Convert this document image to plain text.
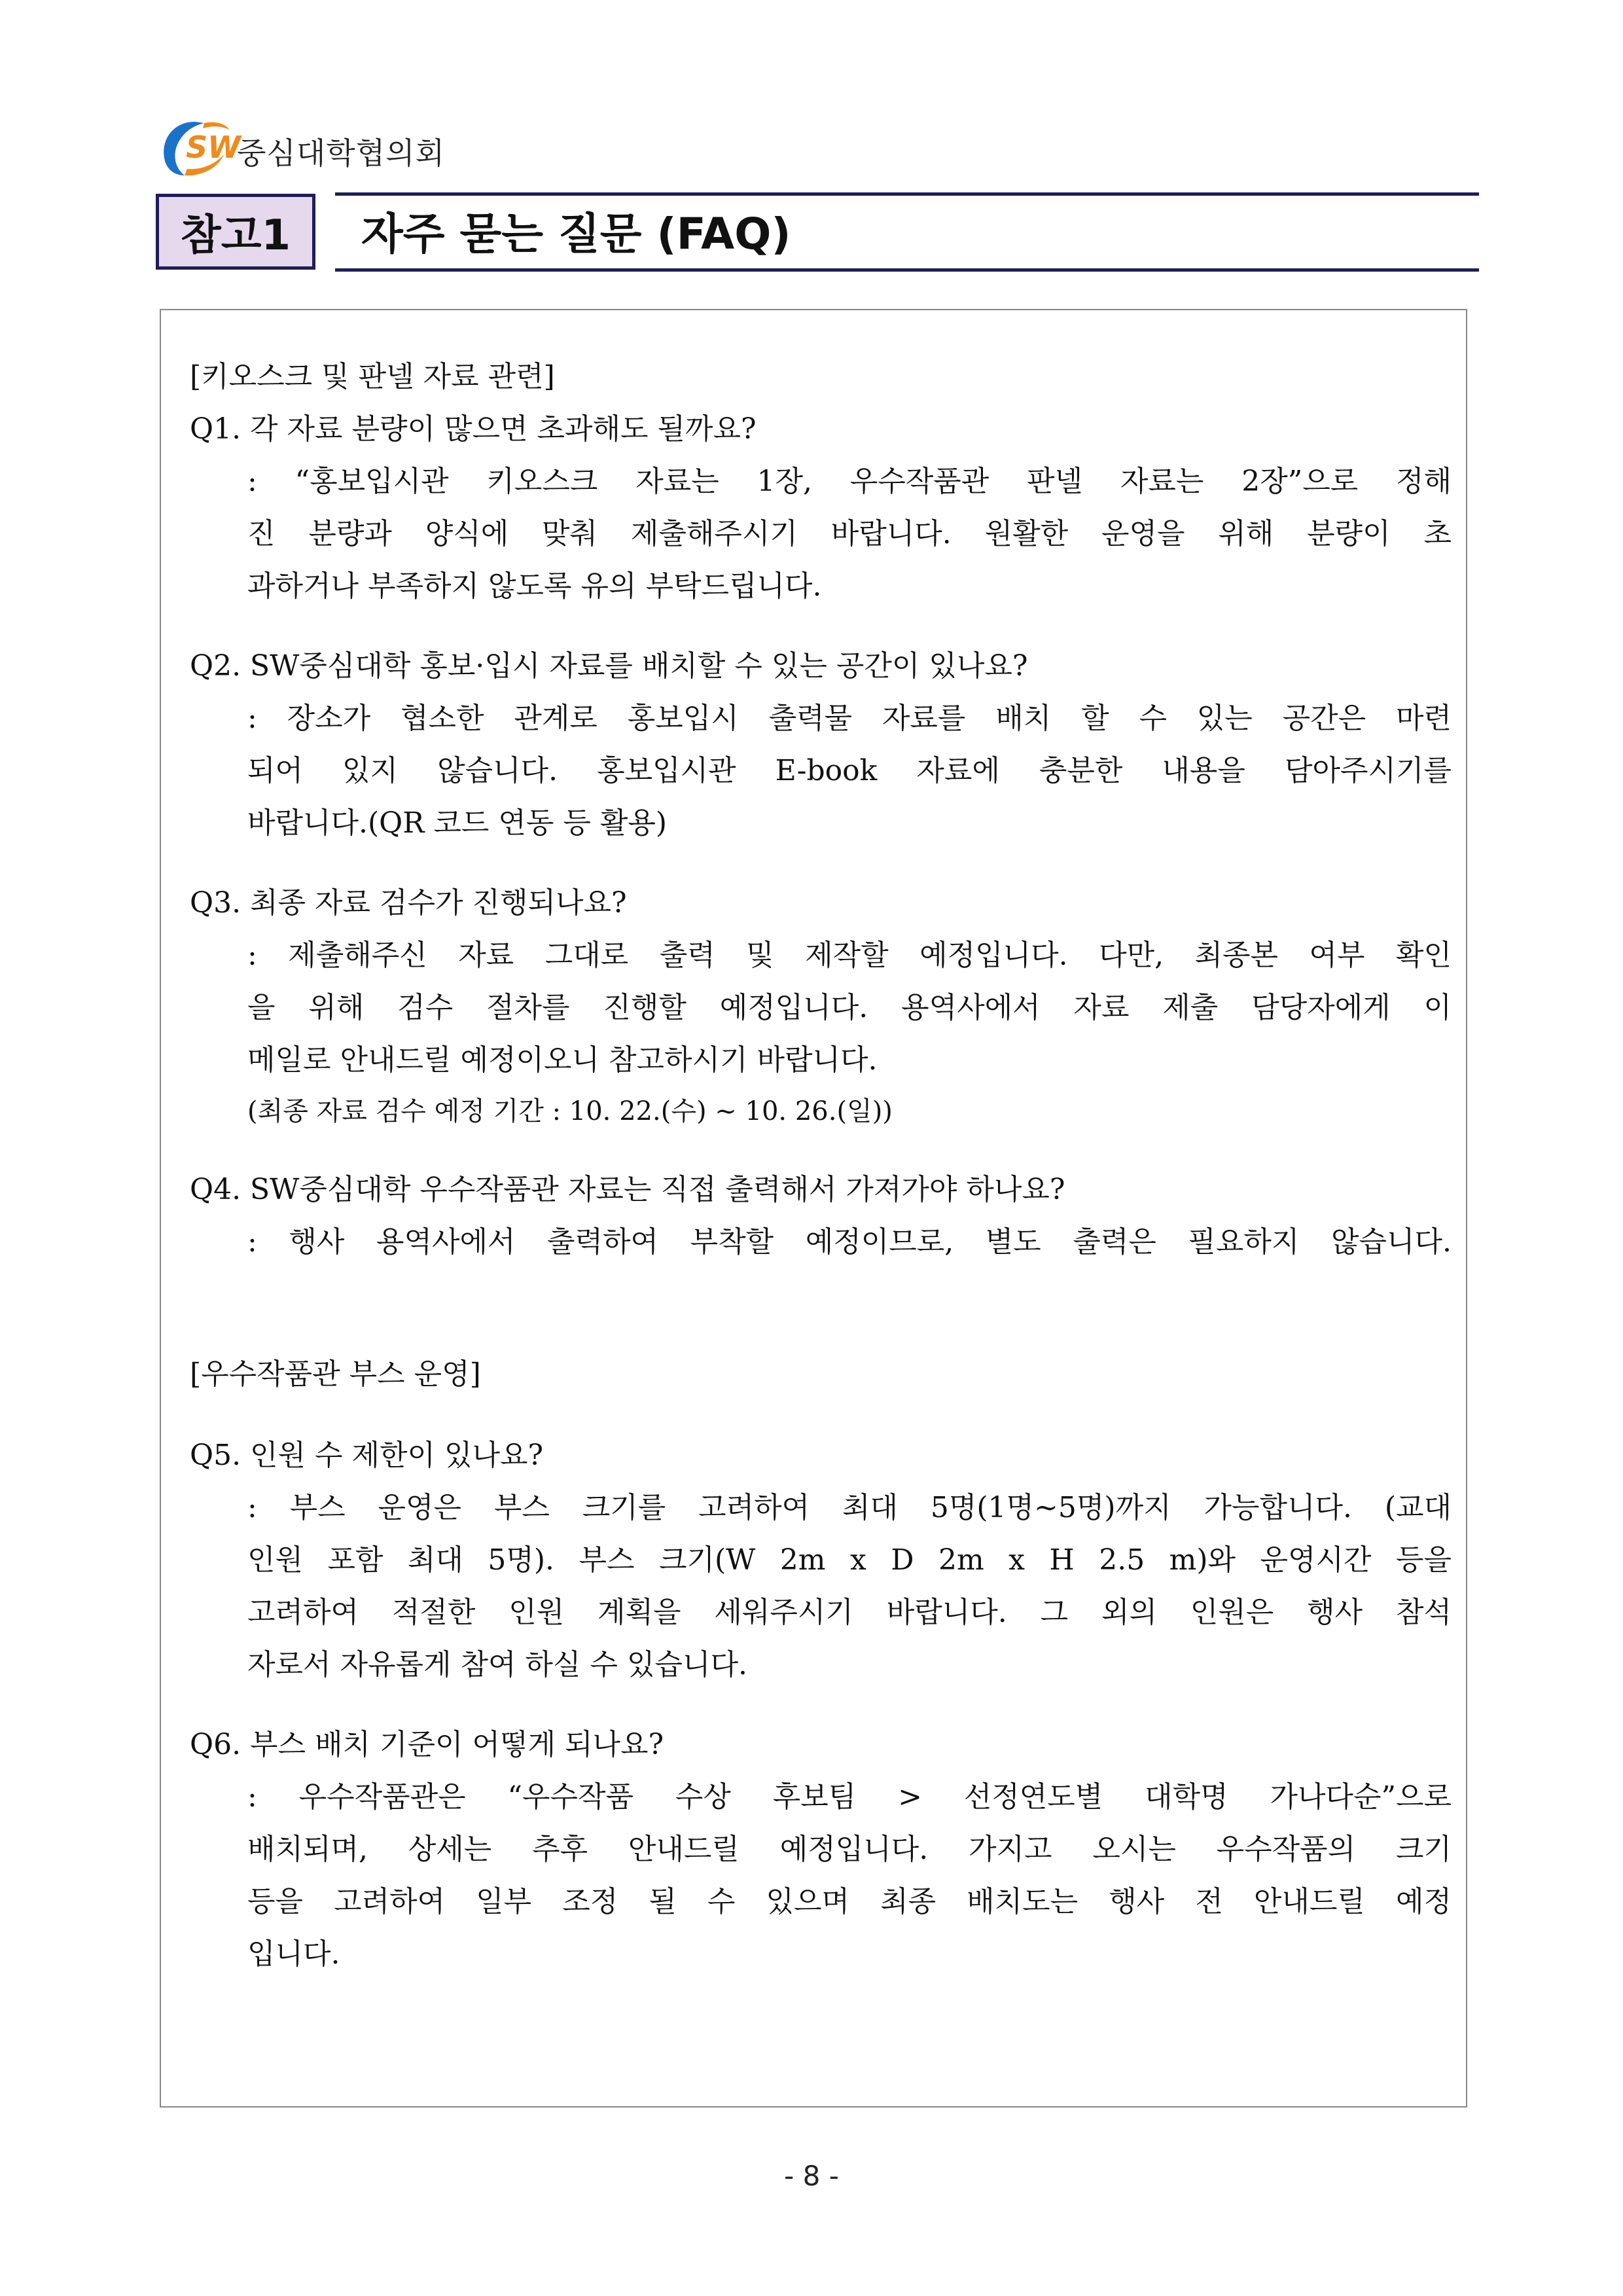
SW
중심대학협의회
참고1	자주 묻는 질문 (FAQ)
[키오스크 및 판넬 자료 관련]
Q1. 각 자료 분량이 많으면 초과해도 될까요?
: “홍보입시관 키오스크 자료는 1장, 우수작품관 판넬 자료는 2장”으로 정해
진 분량과 양식에 맞춰 제출해주시기 바랍니다. 원활한 운영을 위해 분량이 초
과하거나 부족하지 않도록 유의 부탁드립니다.
Q2. SW중심대학 홍보·입시 자료를 배치할 수 있는 공간이 있나요?
: 장소가 협소한 관계로 홍보입시 출력물 자료를 배치 할 수 있는 공간은 마련
되어 있지 않습니다. 홍보입시관 E-book 자료에 충분한 내용을 담아주시기를
바랍니다.(QR 코드 연동 등 활용)
Q3. 최종 자료 검수가 진행되나요?
: 제출해주신 자료 그대로 출력 및 제작할 예정입니다. 다만, 최종본 여부 확인
을 위해 검수 절차를 진행할 예정입니다. 용역사에서 자료 제출 담당자에게 이
메일로 안내드릴 예정이오니 참고하시기 바랍니다.
(최종 자료 검수 예정 기간 : 10. 22.(수) ~ 10. 26.(일))
Q4. SW중심대학 우수작품관 자료는 직접 출력해서 가져가야 하나요?
: 행사 용역사에서 출력하여 부착할 예정이므로, 별도 출력은 필요하지 않습니다.
[우수작품관 부스 운영]
Q5. 인원 수 제한이 있나요?
: 부스 운영은 부스 크기를 고려하여 최대 5명(1명~5명)까지 가능합니다. (교대
인원 포함 최대 5명). 부스 크기(W 2m x D 2m x H 2.5 m)와 운영시간 등을
고려하여 적절한 인원 계획을 세워주시기 바랍니다. 그 외의 인원은 행사 참석
자로서 자유롭게 참여 하실 수 있습니다.
Q6. 부스 배치 기준이 어떻게 되나요?
: 우수작품관은 “우수작품 수상 후보팀 > 선정연도별 대학명 가나다순”으로
배치되며, 상세는 추후 안내드릴 예정입니다. 가지고 오시는 우수작품의 크기
등을 고려하여 일부 조정 될 수 있으며 최종 배치도는 행사 전 안내드릴 예정
입니다.
- 8 -
